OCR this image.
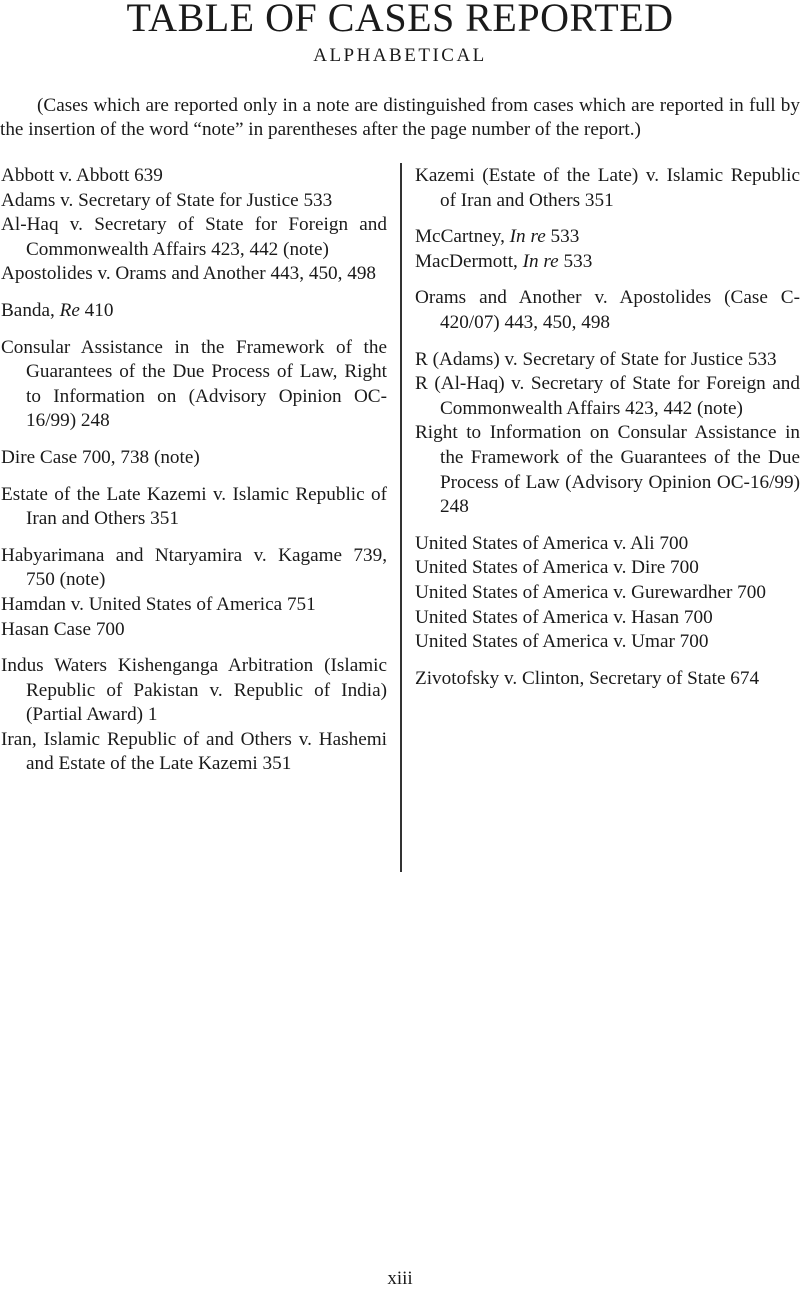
TABLE OF CASES REPORTED
ALPHABETICAL
(Cases which are reported only in a note are distinguished from cases which are reported in full by the insertion of the word “note” in parentheses after the page number of the report.)
Abbott v. Abbott 639
Adams v. Secretary of State for Justice 533
Al-Haq v. Secretary of State for Foreign and Commonwealth Affairs 423, 442 (note)
Apostolides v. Orams and Another 443, 450, 498
Banda, Re 410
Consular Assistance in the Framework of the Guarantees of the Due Process of Law, Right to Information on (Advisory Opinion OC-16/99) 248
Dire Case 700, 738 (note)
Estate of the Late Kazemi v. Islamic Republic of Iran and Others 351
Habyarimana and Ntaryamira v. Kagame 739, 750 (note)
Hamdan v. United States of America 751
Hasan Case 700
Indus Waters Kishenganga Arbitration (Islamic Republic of Pakistan v. Republic of India) (Partial Award) 1
Iran, Islamic Republic of and Others v. Hashemi and Estate of the Late Kazemi 351
Kazemi (Estate of the Late) v. Islamic Republic of Iran and Others 351
McCartney, In re 533
MacDermott, In re 533
Orams and Another v. Apostolides (Case C-420/07) 443, 450, 498
R (Adams) v. Secretary of State for Justice 533
R (Al-Haq) v. Secretary of State for Foreign and Commonwealth Affairs 423, 442 (note)
Right to Information on Consular Assistance in the Framework of the Guarantees of the Due Process of Law (Advisory Opinion OC-16/99) 248
United States of America v. Ali 700
United States of America v. Dire 700
United States of America v. Gurewardher 700
United States of America v. Hasan 700
United States of America v. Umar 700
Zivotofsky v. Clinton, Secretary of State 674
xiii
